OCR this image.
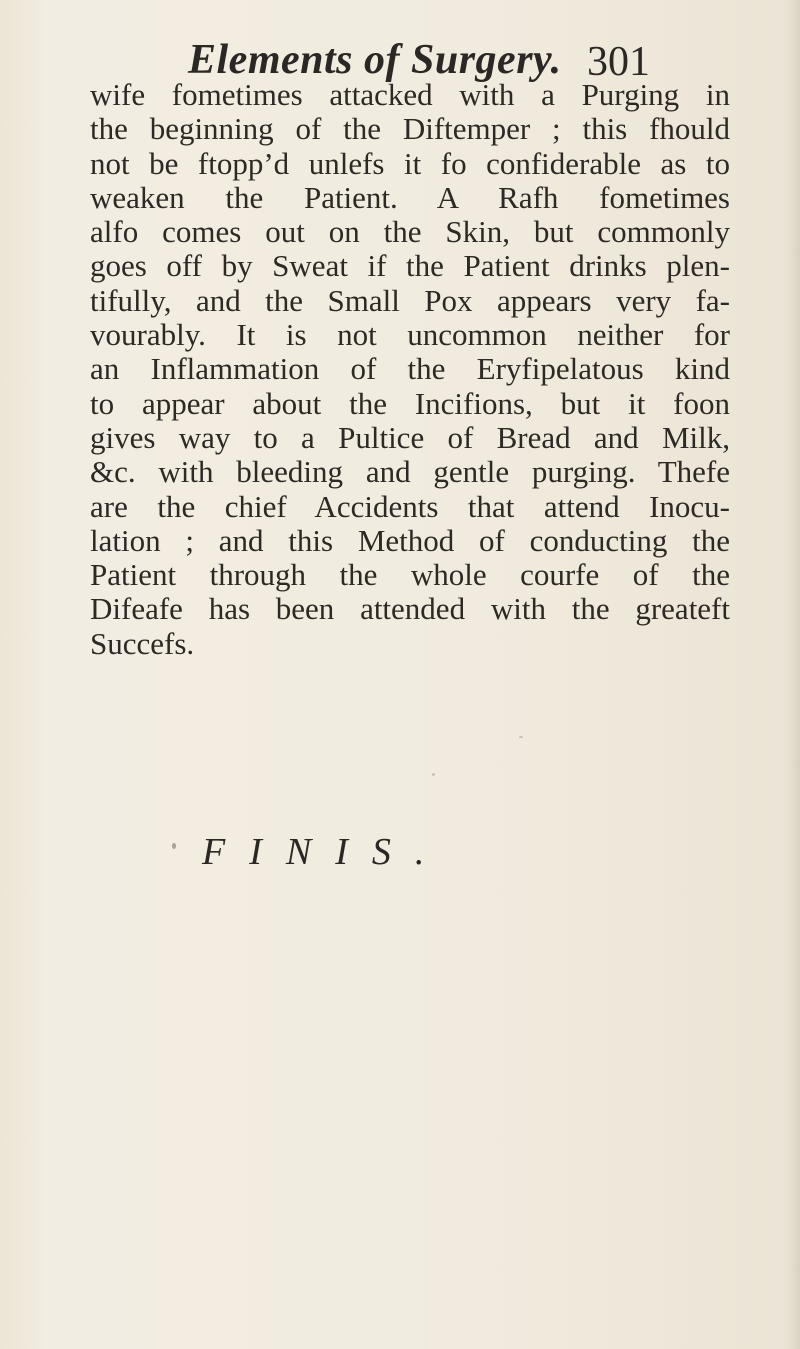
Elements of Surgery. 301
wife fometimes attacked with a Purging in
the beginning of the Diftemper ; this fhould
not be ftopp’d unlefs it fo confiderable as to
weaken the Patient. A Rafh fometimes
alfo comes out on the Skin, but commonly
goes off by Sweat if the Patient drinks plen-
tifully, and the Small Pox appears very fa-
vourably. It is not uncommon neither for
an Inflammation of the Eryfipelatous kind
to appear about the Incifions, but it foon
gives way to a Pultice of Bread and Milk,
&c. with bleeding and gentle purging. Thefe
are the chief Accidents that attend Inocu-
lation ; and this Method of conducting the
Patient through the whole courfe of the
Difeafe has been attended with the greateft
Succefs.
FINIS.
